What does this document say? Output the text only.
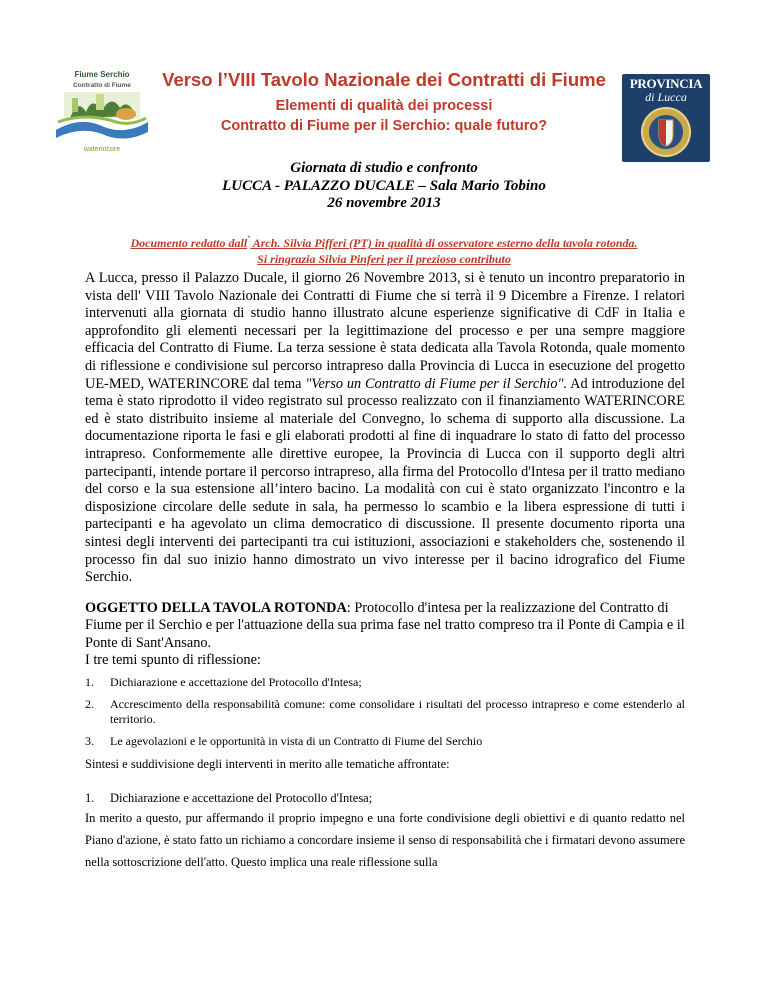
Fiume Serchio
Contratto di Fiume
waterincore
Verso l’VIII Tavolo Nazionale dei Contratti di Fiume
Elementi di qualità dei processi
Contratto di Fiume per il Serchio: quale futuro?
PROVINCIA
di Lucca
Giornata di studio e confronto
LUCCA - PALAZZO DUCALE – Sala Mario Tobino
26 novembre 2013
Documento redatto dall’ Arch. Silvia Pifferi (PT) in qualità di osservatore esterno della tavola rotonda.
Si ringrazia Silvia Pinferi per il prezioso contributo

A Lucca, presso il Palazzo Ducale, il giorno 26 Novembre 2013, si è tenuto un incontro preparatorio in vista dell' VIII Tavolo Nazionale dei Contratti di Fiume che si terrà il 9 Dicembre a Firenze. I relatori intervenuti alla giornata di studio hanno illustrato alcune esperienze significative di CdF in Italia e approfondito gli elementi necessari per la legittimazione del processo e per una sempre maggiore efficacia del Contratto di Fiume. La terza sessione è stata dedicata alla Tavola Rotonda, quale momento di riflessione e condivisione sul percorso intrapreso dalla Provincia di Lucca in esecuzione del progetto UE-MED, WATERINCORE dal tema "Verso un Contratto di Fiume per il Serchio". Ad introduzione del tema è stato riprodotto il video registrato sul processo realizzato con il finanziamento WATERINCORE ed è stato distribuito insieme al materiale del Convegno, lo schema di supporto alla discussione. La documentazione riporta le fasi e gli elaborati prodotti al fine di inquadrare lo stato di fatto del processo intrapreso. Conformemente alle direttive europee, la Provincia di Lucca con il supporto degli altri partecipanti, intende portare il percorso intrapreso, alla firma del Protocollo d'Intesa per il tratto mediano del corso e la sua estensione all’intero bacino. La modalità con cui è stato organizzato l'incontro e la disposizione circolare delle sedute in sala, ha permesso lo scambio e la libera espressione di tutti i partecipanti e ha agevolato un clima democratico di discussione. Il presente documento riporta una sintesi degli interventi dei partecipanti tra cui istituzioni, associazioni e stakeholders che, sostenendo il processo fin dal suo inizio hanno dimostrato un vivo interesse per il bacino idrografico del Fiume Serchio.

OGGETTO DELLA TAVOLA ROTONDA: Protocollo d'intesa per la realizzazione del Contratto di Fiume per il Serchio e per l'attuazione della sua prima fase nel tratto compreso tra il Ponte di Campia e il Ponte di Sant'Ansano.

I tre temi spunto di riflessione:

1. Dichiarazione e accettazione del Protocollo d'Intesa;
2. Accrescimento della responsabilità comune: come consolidare i risultati del processo intrapreso e come estenderlo al territorio.
3. Le agevolazioni e le opportunità in vista di un Contratto di Fiume del Serchio

Sintesi e suddivisione degli interventi in merito alle tematiche affrontate:

1. Dichiarazione e accettazione del Protocollo d'Intesa;

In merito a questo, pur affermando il proprio impegno e una forte condivisione degli obiettivi e di quanto redatto nel Piano d'azione, è stato fatto un richiamo a concordare insieme il senso di responsabilità che i firmatari devono assumere nella sottoscrizione dell'atto. Questo implica una reale riflessione sulla
